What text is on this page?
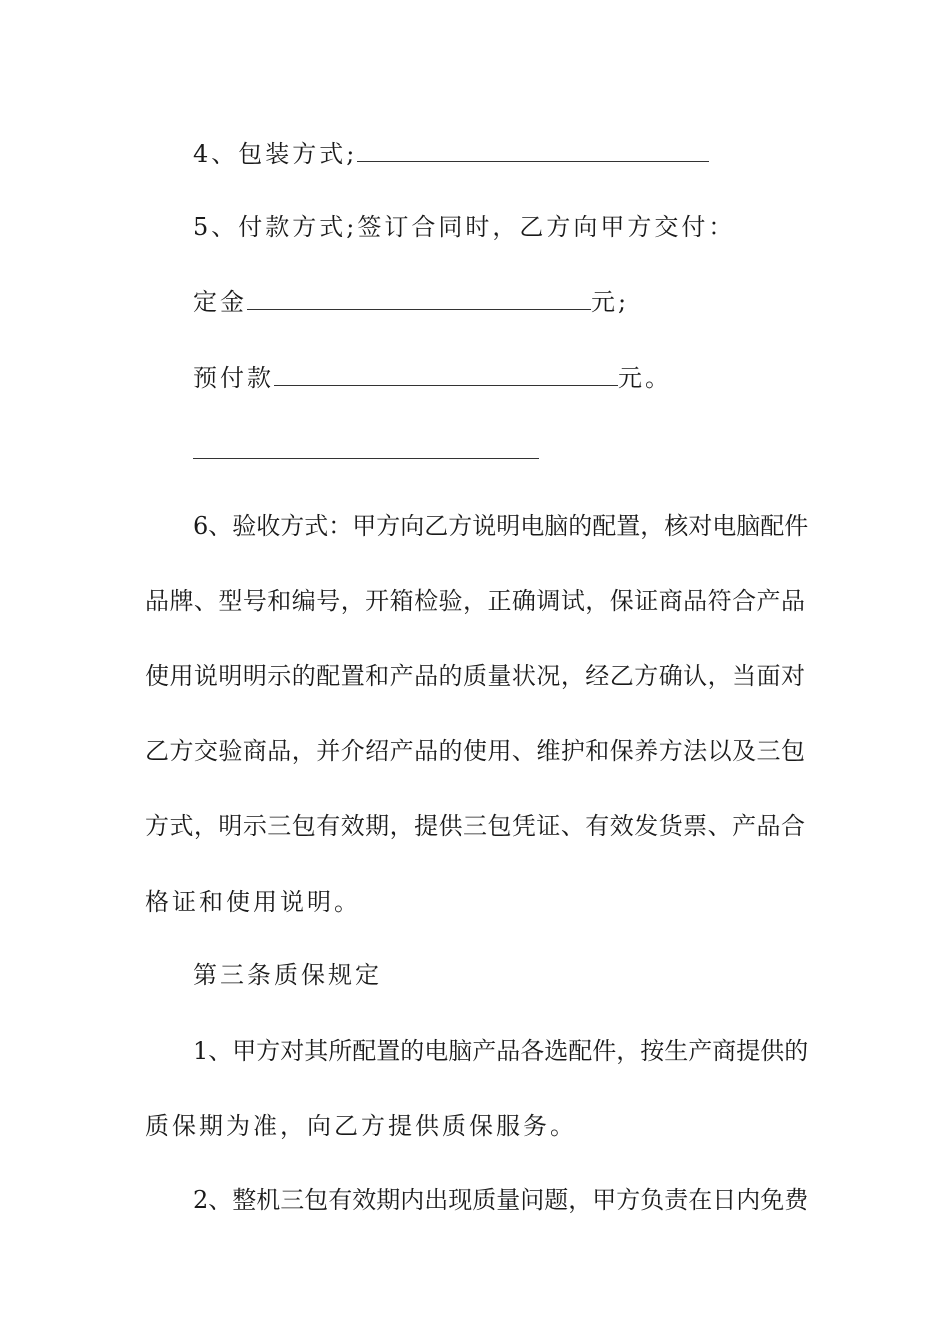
4、包装方式;
5、付款方式;签订合同时，乙方向甲方交付：
定金	元;
预付款	元。
6、验收方式：甲方向乙方说明电脑的配置，核对电脑配件
品牌、型号和编号，开箱检验，正确调试，保证商品符合产品
使用说明明示的配置和产品的质量状况，经乙方确认，当面对
乙方交验商品，并介绍产品的使用、维护和保养方法以及三包
方式，明示三包有效期，提供三包凭证、有效发货票、产品合
格证和使用说明。
第三条质保规定
1、甲方对其所配置的电脑产品各选配件，按生产商提供的
质保期为准，向乙方提供质保服务。
2、整机三包有效期内出现质量问题，甲方负责在日内免费
